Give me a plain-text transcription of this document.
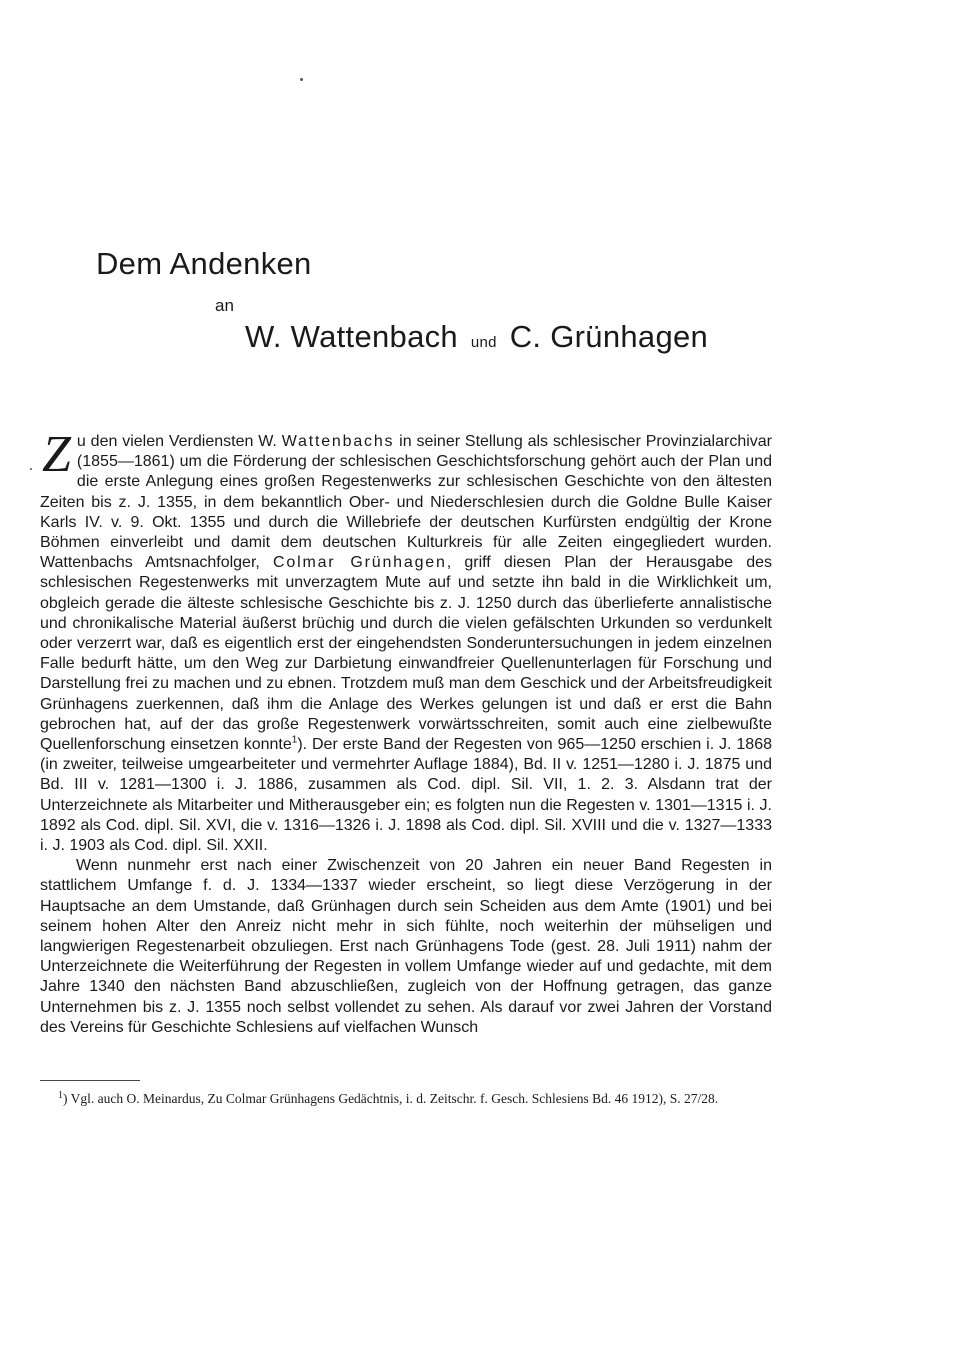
Dem Andenken
an
W. Wattenbach und C. Grünhagen

Zu den vielen Verdiensten W. Wattenbachs in seiner Stellung als schlesischer Provinzialarchivar (1855—1861) um die Förderung der schlesischen Geschichtsforschung gehört auch der Plan und die erste Anlegung eines großen Regestenwerks zur schlesischen Geschichte von den ältesten Zeiten bis z. J. 1355, in dem bekanntlich Ober- und Niederschlesien durch die Goldne Bulle Kaiser Karls IV. v. 9. Okt. 1355 und durch die Willebriefe der deutschen Kurfürsten endgültig der Krone Böhmen einverleibt und damit dem deutschen Kulturkreis für alle Zeiten eingegliedert wurden. Wattenbachs Amtsnachfolger, Colmar Grünhagen, griff diesen Plan der Herausgabe des schlesischen Regestenwerks mit unverzagtem Mute auf und setzte ihn bald in die Wirklichkeit um, obgleich gerade die älteste schlesische Geschichte bis z. J. 1250 durch das überlieferte annalistische und chronikalische Material äußerst brüchig und durch die vielen gefälschten Urkunden so verdunkelt oder verzerrt war, daß es eigentlich erst der eingehendsten Sonderuntersuchungen in jedem einzelnen Falle bedurft hätte, um den Weg zur Darbietung einwandfreier Quellenunterlagen für Forschung und Darstellung frei zu machen und zu ebnen. Trotzdem muß man dem Geschick und der Arbeitsfreudigkeit Grünhagens zuerkennen, daß ihm die Anlage des Werkes gelungen ist und daß er erst die Bahn gebrochen hat, auf der das große Regestenwerk vorwärtsschreiten, somit auch eine zielbewußte Quellenforschung einsetzen konnte$^1$). Der erste Band der Regesten von 965—1250 erschien i. J. 1868 (in zweiter, teilweise umgearbeiteter und vermehrter Auflage 1884), Bd. II v. 1251—1280 i. J. 1875 und Bd. III v. 1281—1300 i. J. 1886, zusammen als Cod. dipl. Sil. VII, 1. 2. 3. Alsdann trat der Unterzeichnete als Mitarbeiter und Mitherausgeber ein; es folgten nun die Regesten v. 1301—1315 i. J. 1892 als Cod. dipl. Sil. XVI, die v. 1316—1326 i. J. 1898 als Cod. dipl. Sil. XVIII und die v. 1327—1333 i. J. 1903 als Cod. dipl. Sil. XXII.

Wenn nunmehr erst nach einer Zwischenzeit von 20 Jahren ein neuer Band Regesten in stattlichem Umfange f. d. J. 1334—1337 wieder erscheint, so liegt diese Verzögerung in der Hauptsache an dem Umstande, daß Grünhagen durch sein Scheiden aus dem Amte (1901) und bei seinem hohen Alter den Anreiz nicht mehr in sich fühlte, noch weiterhin der mühseligen und langwierigen Regestenarbeit obzuliegen. Erst nach Grünhagens Tode (gest. 28. Juli 1911) nahm der Unterzeichnete die Weiterführung der Regesten in vollem Umfange wieder auf und gedachte, mit dem Jahre 1340 den nächsten Band abzuschließen, zugleich von der Hoffnung getragen, das ganze Unternehmen bis z. J. 1355 noch selbst vollendet zu sehen. Als darauf vor zwei Jahren der Vorstand des Vereins für Geschichte Schlesiens auf vielfachen Wunsch

$^1$) Vgl. auch O. Meinardus, Zu Colmar Grünhagens Gedächtnis, i. d. Zeitschr. f. Gesch. Schlesiens Bd. 46 1912), S. 27/28.
